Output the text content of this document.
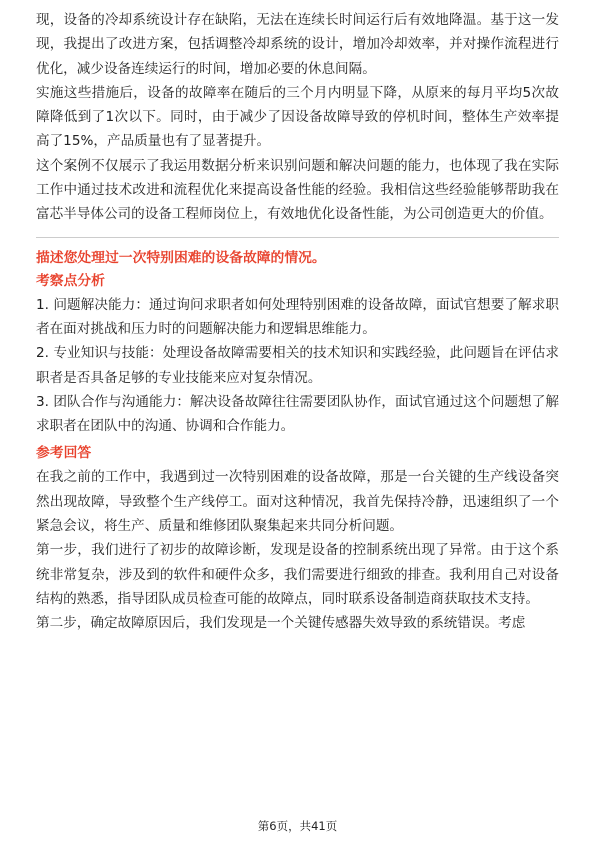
现，设备的冷却系统设计存在缺陷，无法在连续长时间运行后有效地降温。基于这一发现，我提出了改进方案，包括调整冷却系统的设计，增加冷却效率，并对操作流程进行优化，减少设备连续运行的时间，增加必要的休息间隔。

实施这些措施后，设备的故障率在随后的三个月内明显下降，从原来的每月平均5次故障降低到了1次以下。同时，由于减少了因设备故障导致的停机时间，整体生产效率提高了15%，产品质量也有了显著提升。

这个案例不仅展示了我运用数据分析来识别问题和解决问题的能力，也体现了我在实际工作中通过技术改进和流程优化来提高设备性能的经验。我相信这些经验能够帮助我在富芯半导体公司的设备工程师岗位上，有效地优化设备性能，为公司创造更大的价值。

描述您处理过一次特别困难的设备故障的情况。

考察点分析

1. 问题解决能力：通过询问求职者如何处理特别困难的设备故障，面试官想要了解求职者在面对挑战和压力时的问题解决能力和逻辑思维能力。

2. 专业知识与技能：处理设备故障需要相关的技术知识和实践经验，此问题旨在评估求职者是否具备足够的专业技能来应对复杂情况。

3. 团队合作与沟通能力：解决设备故障往往需要团队协作，面试官通过这个问题想了解求职者在团队中的沟通、协调和合作能力。

参考回答

在我之前的工作中，我遇到过一次特别困难的设备故障，那是一台关键的生产线设备突然出现故障，导致整个生产线停工。面对这种情况，我首先保持冷静，迅速组织了一个紧急会议，将生产、质量和维修团队聚集起来共同分析问题。

第一步，我们进行了初步的故障诊断，发现是设备的控制系统出现了异常。由于这个系统非常复杂，涉及到的软件和硬件众多，我们需要进行细致的排查。我利用自己对设备结构的熟悉，指导团队成员检查可能的故障点，同时联系设备制造商获取技术支持。

第二步，确定故障原因后，我们发现是一个关键传感器失效导致的系统错误。考虑

第6页，共41页
